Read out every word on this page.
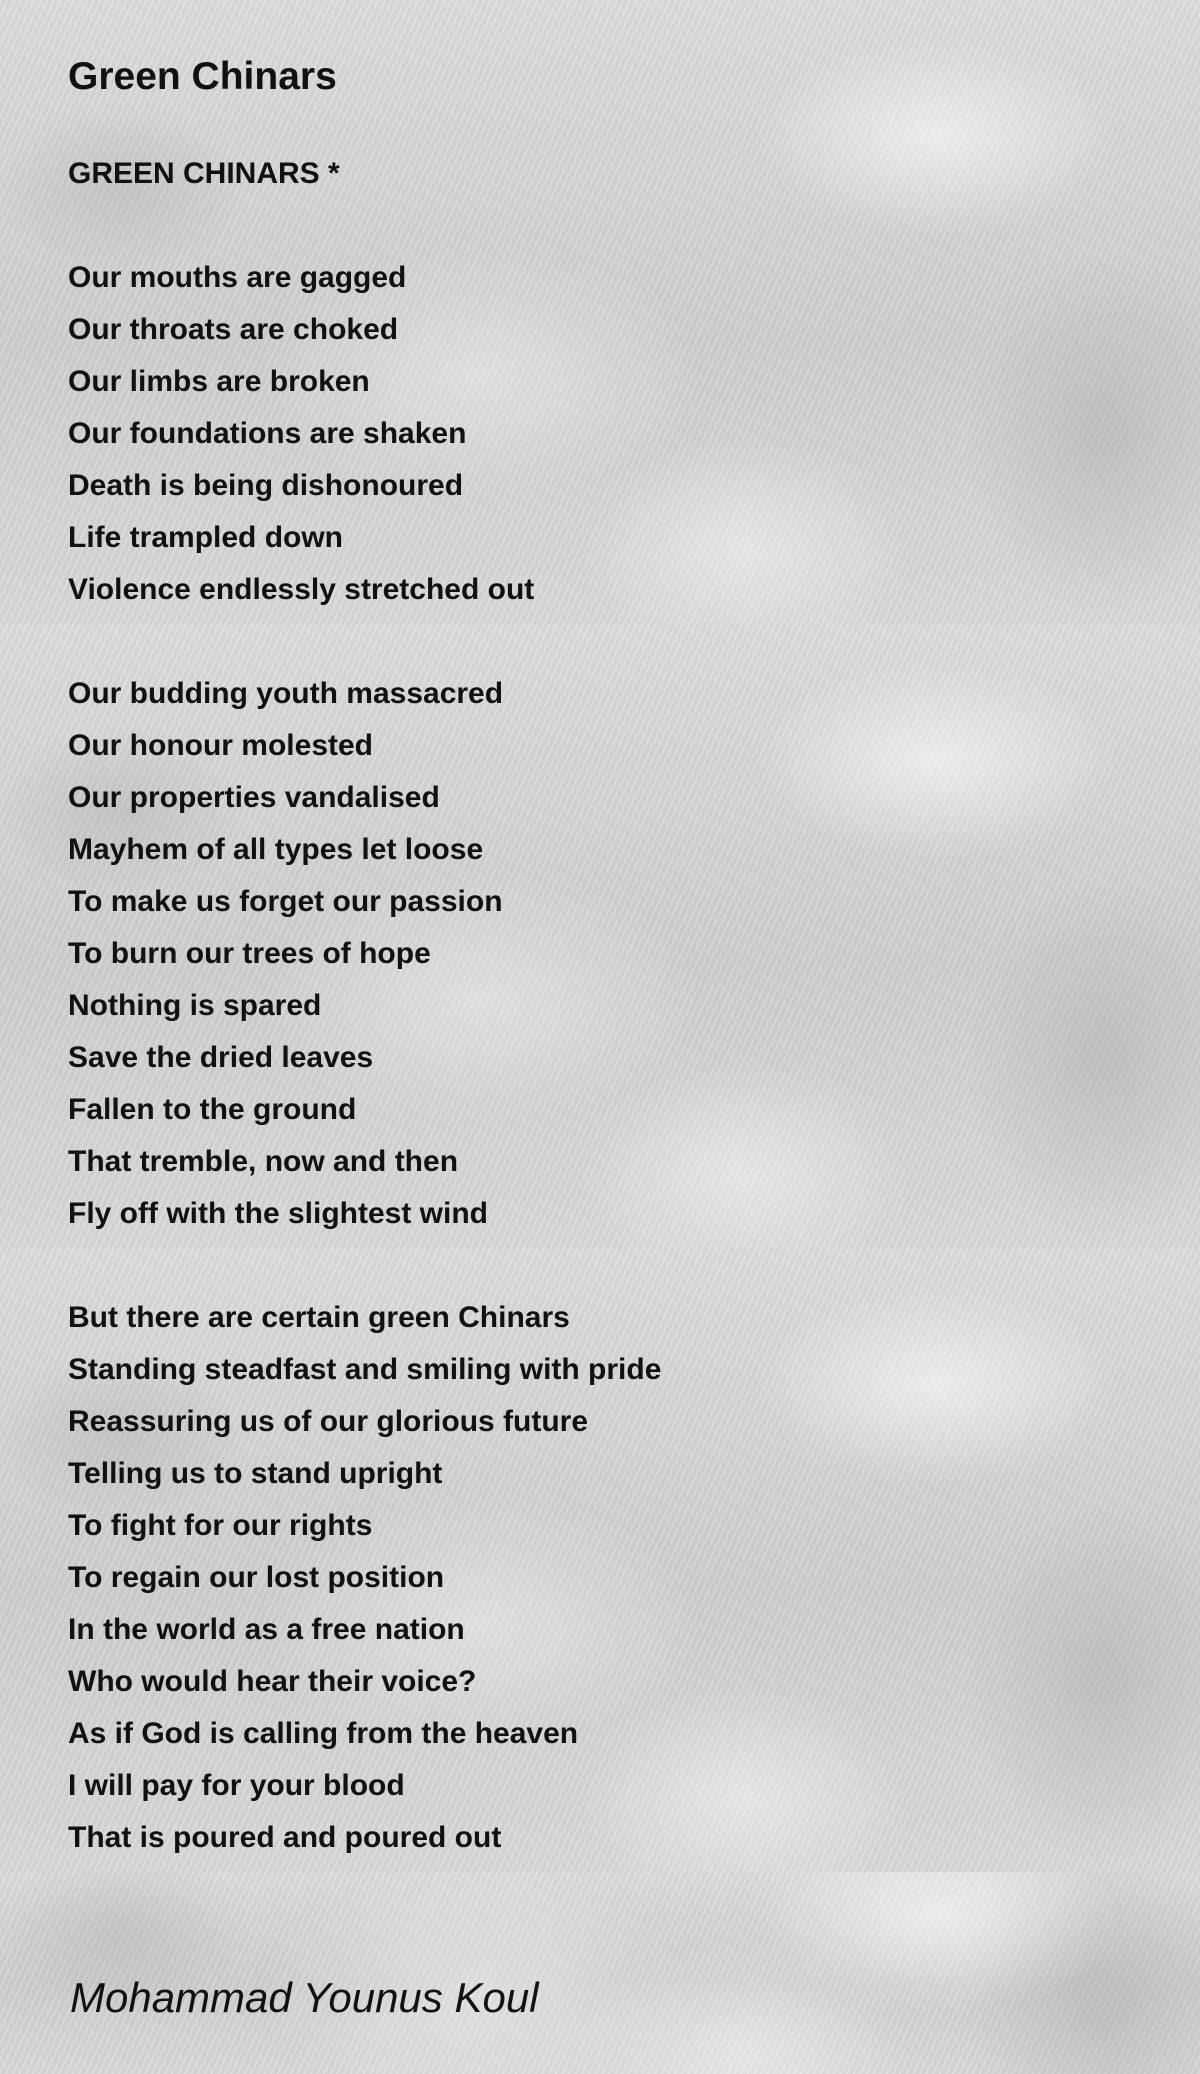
Green Chinars
GREEN CHINARS *
Our mouths are gagged
Our throats are choked
Our limbs are broken
Our foundations are shaken
Death is being dishonoured
Life trampled down
Violence endlessly stretched out
Our budding youth massacred
Our honour molested
Our properties vandalised
Mayhem of all types let loose
To make us forget our passion
To burn our trees of hope
Nothing is spared
Save the dried leaves
Fallen to the ground
That tremble, now and then
Fly off with the slightest wind
But there are certain green Chinars
Standing steadfast and smiling with pride
Reassuring us of our glorious future
Telling us to stand upright
To fight for our rights
To regain our lost position
In the world as a free nation
Who would hear their voice?
As if God is calling from the heaven
I will pay for your blood
That is poured and poured out

Mohammad Younus Koul
